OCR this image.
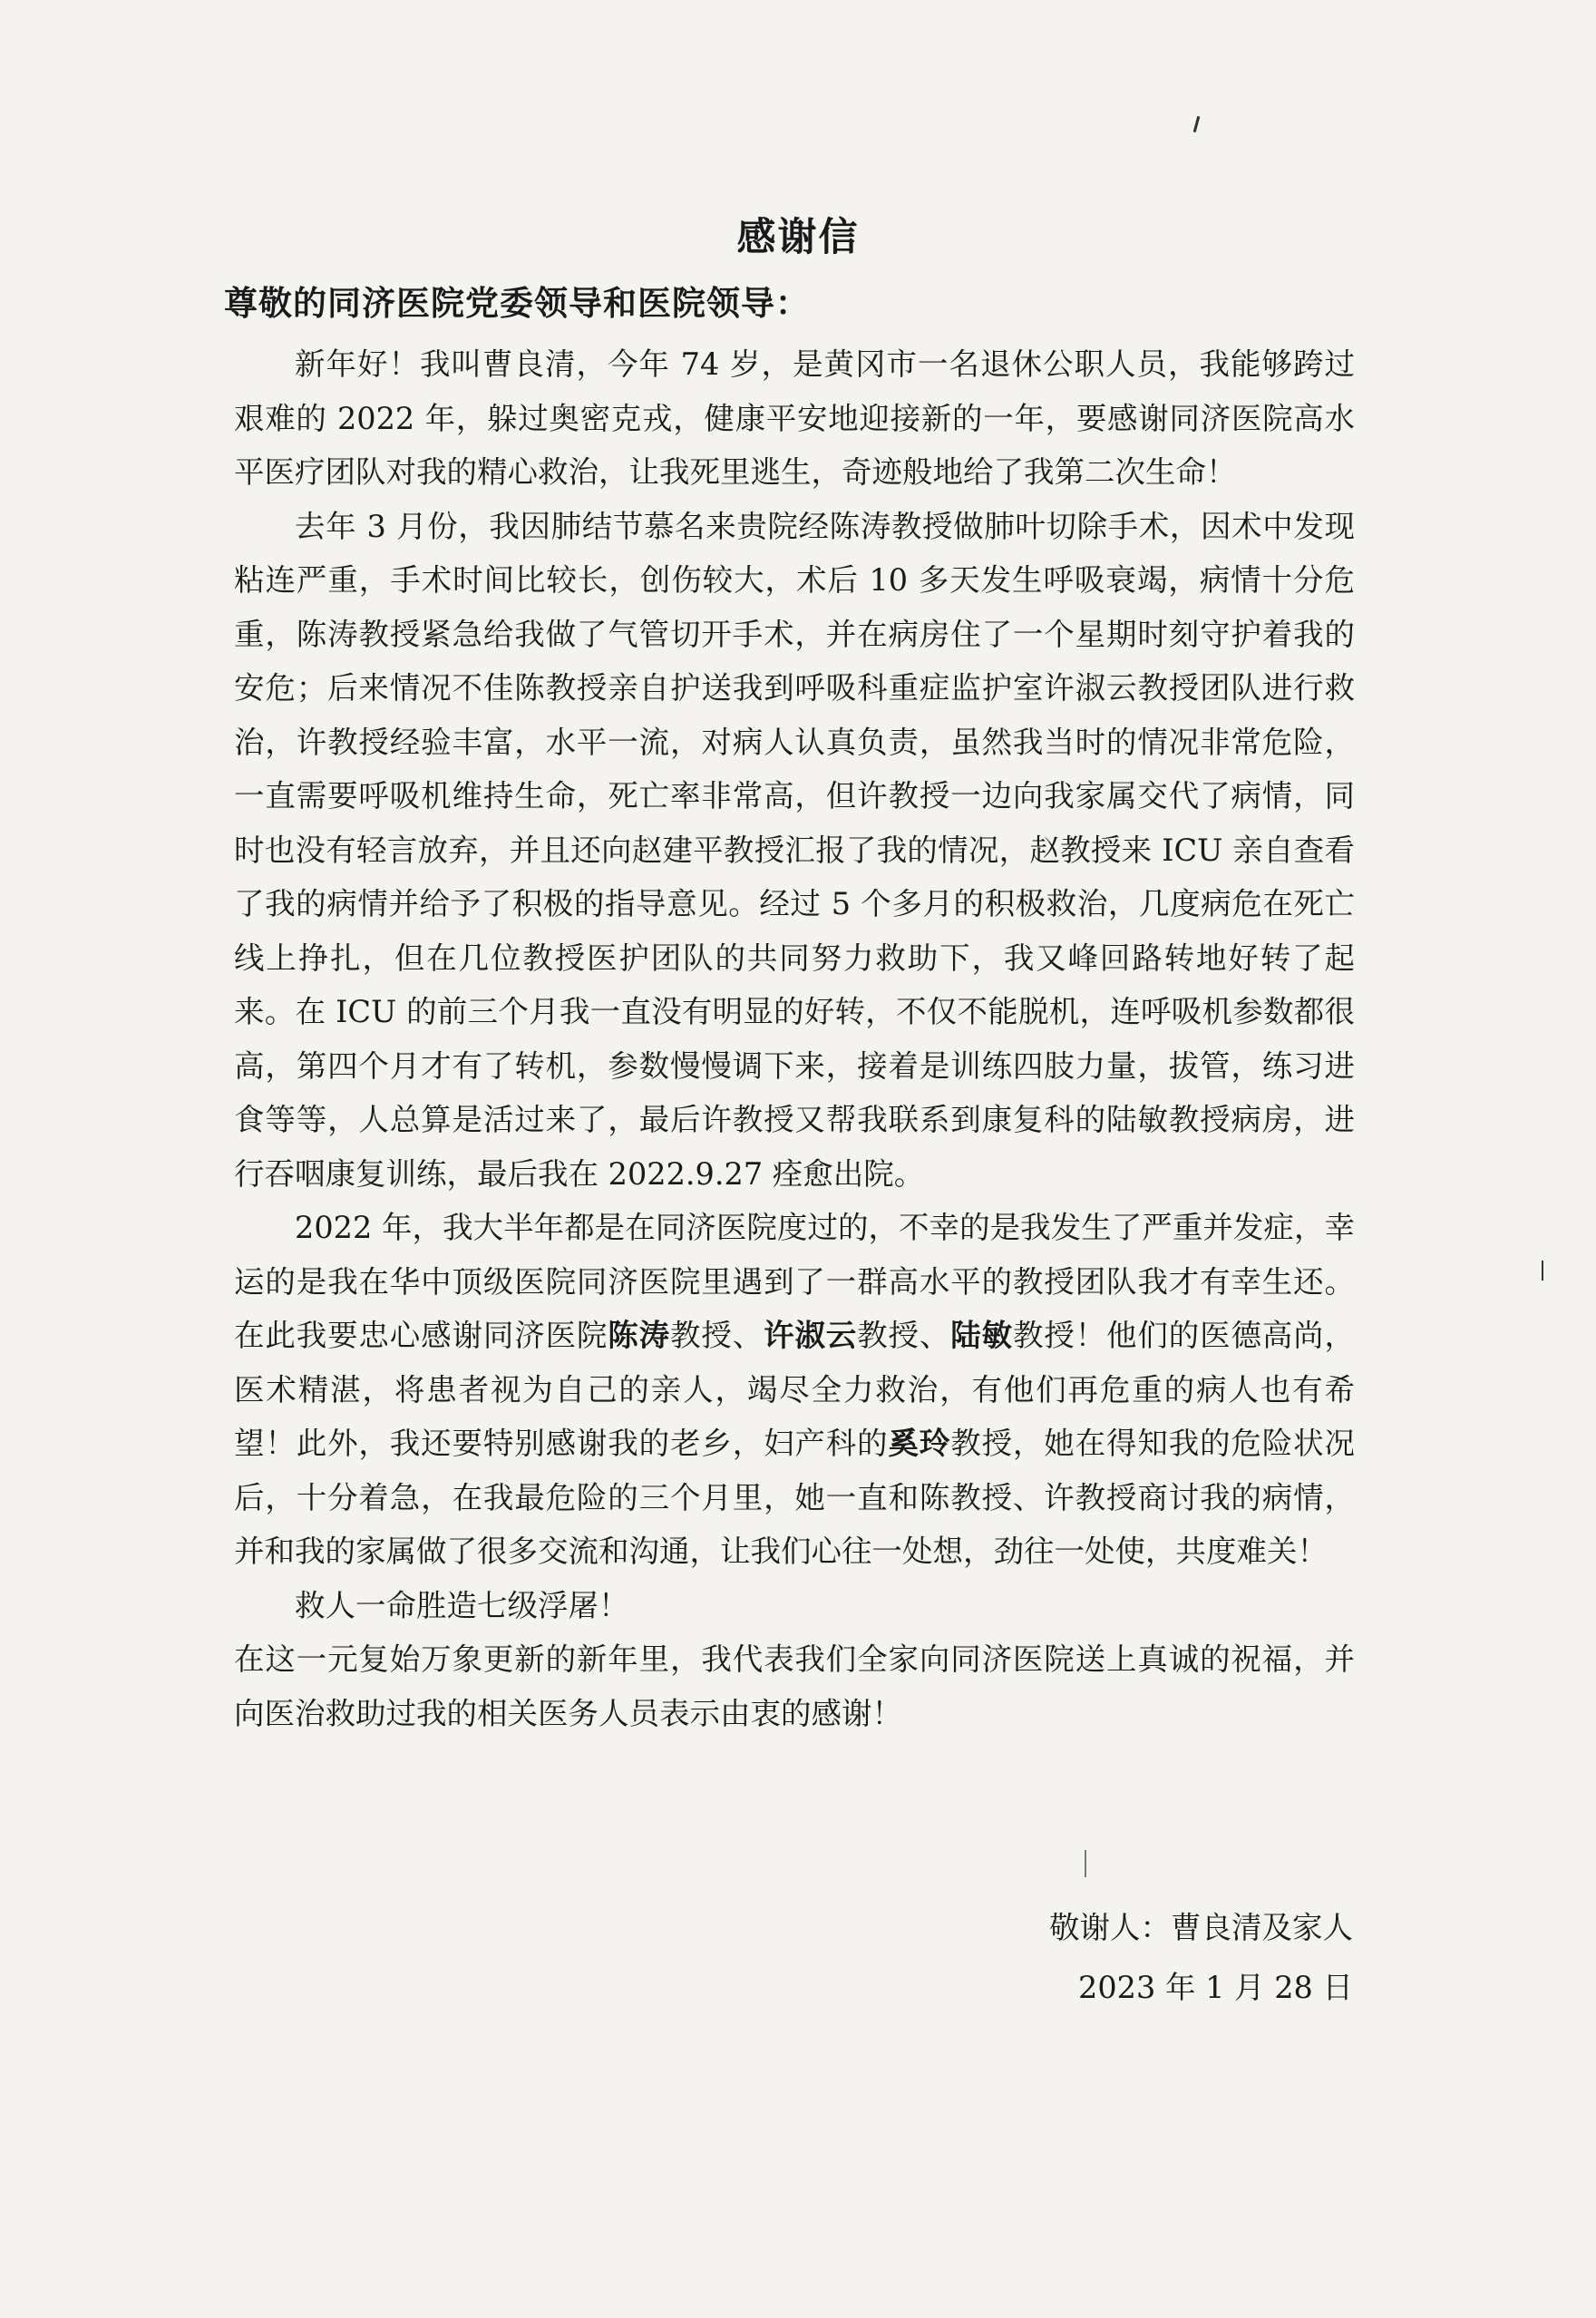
感谢信
尊敬的同济医院党委领导和医院领导：

新年好！我叫曹良清，今年 74 岁，是黄冈市一名退休公职人员，我能够跨过艰难的 2022 年，躲过奥密克戎，健康平安地迎接新的一年，要感谢同济医院高水平医疗团队对我的精心救治，让我死里逃生，奇迹般地给了我第二次生命！

去年 3 月份，我因肺结节慕名来贵院经陈涛教授做肺叶切除手术，因术中发现粘连严重，手术时间比较长，创伤较大，术后 10 多天发生呼吸衰竭，病情十分危重，陈涛教授紧急给我做了气管切开手术，并在病房住了一个星期时刻守护着我的安危；后来情况不佳陈教授亲自护送我到呼吸科重症监护室许淑云教授团队进行救治，许教授经验丰富，水平一流，对病人认真负责，虽然我当时的情况非常危险，一直需要呼吸机维持生命，死亡率非常高，但许教授一边向我家属交代了病情，同时也没有轻言放弃，并且还向赵建平教授汇报了我的情况，赵教授来 ICU 亲自查看了我的病情并给予了积极的指导意见。经过 5 个多月的积极救治，几度病危在死亡线上挣扎，但在几位教授医护团队的共同努力救助下，我又峰回路转地好转了起来。在 ICU 的前三个月我一直没有明显的好转，不仅不能脱机，连呼吸机参数都很高，第四个月才有了转机，参数慢慢调下来，接着是训练四肢力量，拔管，练习进食等等，人总算是活过来了，最后许教授又帮我联系到康复科的陆敏教授病房，进行吞咽康复训练，最后我在 2022.9.27 痊愈出院。

2022 年，我大半年都是在同济医院度过的，不幸的是我发生了严重并发症，幸运的是我在华中顶级医院同济医院里遇到了一群高水平的教授团队我才有幸生还。在此我要忠心感谢同济医院陈涛教授、许淑云教授、陆敏教授！他们的医德高尚，医术精湛，将患者视为自己的亲人，竭尽全力救治，有他们再危重的病人也有希望！此外，我还要特别感谢我的老乡，妇产科的奚玲教授，她在得知我的危险状况后，十分着急，在我最危险的三个月里，她一直和陈教授、许教授商讨我的病情，并和我的家属做了很多交流和沟通，让我们心往一处想，劲往一处使，共度难关！

救人一命胜造七级浮屠！

在这一元复始万象更新的新年里，我代表我们全家向同济医院送上真诚的祝福，并向医治救助过我的相关医务人员表示由衷的感谢！

敬谢人：曹良清及家人
2023 年 1 月 28 日
